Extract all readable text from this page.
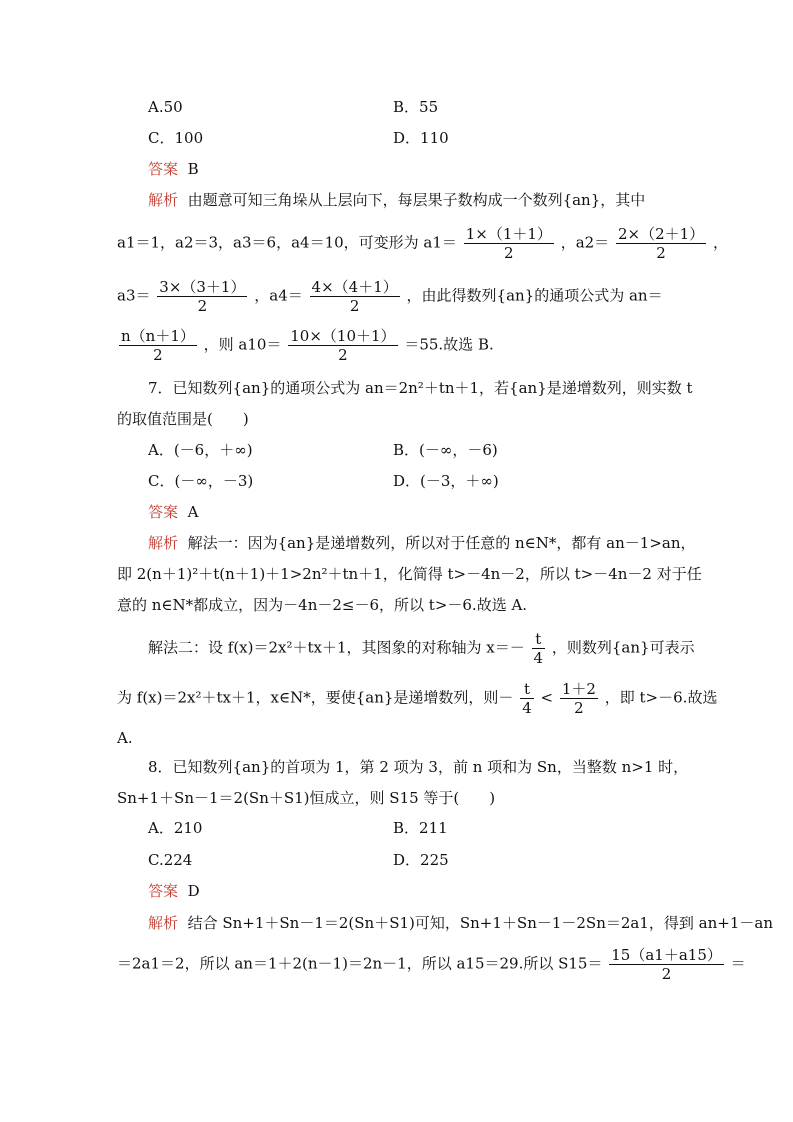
A.50	B．55
C．100	D．110
答案 B
解析 由题意可知三角垛从上层向下，每层果子数构成一个数列{an}，其中
a1＝1，a2＝3，a3＝6，a4＝10，可变形为 $a1= \frac{1\times(1+1)}{2}$ ，$a2= \frac{2\times(2+1)}{2}$ ，
$a3= \frac{3\times(3+1)}{2}$ ，$a4= \frac{4\times(4+1)}{2}$ ，由此得数列{an}的通项公式为 an＝
$\frac{n(n+1)}{2}$ ，则 $a10= \frac{10\times(10+1)}{2} =55$.故选 B.
7．已知数列{an}的通项公式为 an＝2n²＋tn＋1，若{an}是递增数列，则实数 t
的取值范围是(　　)
A．(－6，＋∞)	B．(－∞，－6)
C．(－∞，－3)	D．(－3，＋∞)
答案 A
解析 解法一：因为{an}是递增数列，所以对于任意的 n∈N*，都有 an－1>an，
即 2(n＋1)²＋t(n＋1)＋1>2n²＋tn＋1，化简得 t>－4n－2，所以 t>－4n－2 对于任
意的 n∈N*都成立，因为－4n－2≤－6，所以 t>－6.故选 A.
解法二：设 f(x)＝2x²＋tx＋1，其图象的对称轴为 $x=- \frac{t}{4}$ ，则数列{an}可表示
为 f(x)＝2x²＋tx＋1，x∈N*，要使{an}是递增数列，则－ $\frac{t}{4} < \frac{1+2}{2}$ ，即 t>－6.故选
A.
8．已知数列{an}的首项为 1，第 2 项为 3，前 n 项和为 Sn，当整数 n>1 时，
Sn+1＋Sn－1＝2(Sn＋S1)恒成立，则 S15 等于(　　)
A．210	B．211
C.224	D．225
答案 D
解析 结合 Sn+1＋Sn－1＝2(Sn＋S1)可知，Sn+1＋Sn－1－2Sn＝2a1，得到 an+1－an
＝2a1＝2，所以 an＝1＋2(n－1)＝2n－1，所以 a15＝29.所以 $S15= \frac{15(a1+a15)}{2}$ ＝
